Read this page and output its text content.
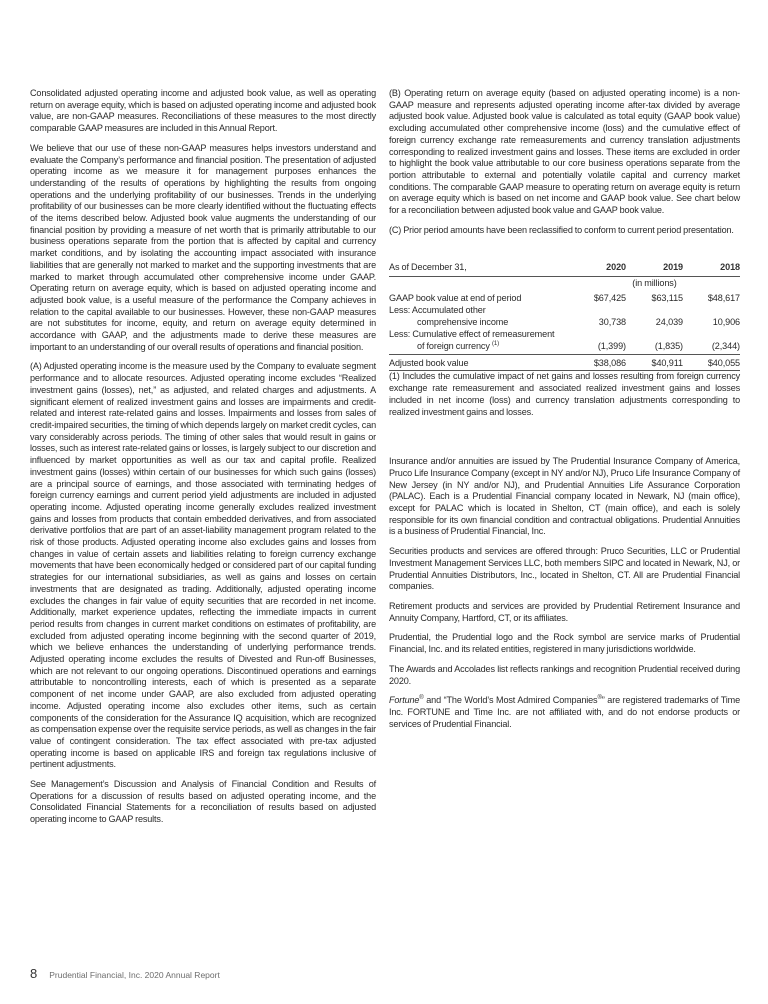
Consolidated adjusted operating income and adjusted book value, as well as operating return on average equity, which is based on adjusted operating income and adjusted book value, are non-GAAP measures. Reconciliations of these measures to the most directly comparable GAAP measures are included in this Annual Report.

We believe that our use of these non-GAAP measures helps investors understand and evaluate the Company’s performance and financial position. The presentation of adjusted operating income as we measure it for management purposes enhances the understanding of the results of operations by highlighting the results from ongoing operations and the underlying profitability of our businesses. Trends in the underlying profitability of our businesses can be more clearly identified without the fluctuating effects of the items described below. Adjusted book value augments the understanding of our financial position by providing a measure of net worth that is primarily attributable to our business operations separate from the portion that is affected by capital and currency market conditions, and by isolating the accounting impact associated with insurance liabilities that are generally not marked to market and the supporting investments that are marked to market through accumulated other comprehensive income under GAAP. Operating return on average equity, which is based on adjusted operating income and adjusted book value, is a useful measure of the performance the Company achieves in relation to the capital available to our businesses. However, these non-GAAP measures are not substitutes for income, equity, and return on average equity determined in accordance with GAAP, and the adjustments made to derive these measures are important to an understanding of our overall results of operations and financial position.

(A) Adjusted operating income is the measure used by the Company to evaluate segment performance and to allocate resources. Adjusted operating income excludes “Realized investment gains (losses), net,” as adjusted, and related charges and adjustments. A significant element of realized investment gains and losses are impairments and credit-related and interest rate-related gains and losses. Impairments and losses from sales of credit-impaired securities, the timing of which depends largely on market credit cycles, can vary considerably across periods. The timing of other sales that would result in gains or losses, such as interest rate-related gains or losses, is largely subject to our discretion and influenced by market opportunities as well as our tax and capital profile. Realized investment gains (losses) within certain of our businesses for which such gains (losses) are a principal source of earnings, and those associated with terminating hedges of foreign currency earnings and current period yield adjustments are included in adjusted operating income. Adjusted operating income generally excludes realized investment gains and losses from products that contain embedded derivatives, and from associated derivative portfolios that are part of an asset-liability management program related to the risk of those products. Adjusted operating income also excludes gains and losses from changes in value of certain assets and liabilities relating to foreign currency exchange movements that have been economically hedged or considered part of our capital funding strategies for our international subsidiaries, as well as gains and losses on certain investments that are designated as trading. Additionally, adjusted operating income excludes the changes in fair value of equity securities that are recorded in net income. Additionally, market experience updates, reflecting the immediate impacts in current period results from changes in current market conditions on estimates of profitability, are excluded from adjusted operating income beginning with the second quarter of 2019, which we believe enhances the understanding of underlying performance trends. Adjusted operating income excludes the results of Divested and Run-off Businesses, which are not relevant to our ongoing operations. Discontinued operations and earnings attributable to noncontrolling interests, each of which is presented as a separate component of net income under GAAP, are also excluded from adjusted operating income. Adjusted operating income also excludes other items, such as certain components of the consideration for the Assurance IQ acquisition, which are recognized as compensation expense over the requisite service periods, as well as changes in the fair value of contingent consideration. The tax effect associated with pre-tax adjusted operating income is based on applicable IRS and foreign tax regulations inclusive of pertinent adjustments.

See Management’s Discussion and Analysis of Financial Condition and Results of Operations for a discussion of results based on adjusted operating income, and the Consolidated Financial Statements for a reconciliation of results based on adjusted operating income to GAAP results.

(B) Operating return on average equity (based on adjusted operating income) is a non-GAAP measure and represents adjusted operating income after-tax divided by average adjusted book value. Adjusted book value is calculated as total equity (GAAP book value) excluding accumulated other comprehensive income (loss) and the cumulative effect of foreign currency exchange rate remeasurements and currency translation adjustments corresponding to realized investment gains and losses. These items are excluded in order to highlight the book value attributable to our core business operations separate from the portion attributable to external and potentially volatile capital and currency market conditions. The comparable GAAP measure to operating return on average equity is return on average equity which is based on net income and GAAP book value. See chart below for a reconciliation between adjusted book value and GAAP book value.

(C) Prior period amounts have been reclassified to conform to current period presentation.

As of December 31,	2020	2019	2018
(in millions)
GAAP book value at end of period	$67,425	$63,115	$48,617
Less: Accumulated other
comprehensive income	30,738	24,039	10,906
Less: Cumulative effect of remeasurement
of foreign currency $^{(1)}$	(1,399)	(1,835)	(2,344)
Adjusted book value	$38,086	$40,911	$40,055

(1) Includes the cumulative impact of net gains and losses resulting from foreign currency exchange rate remeasurement and associated realized investment gains and losses included in net income (loss) and currency translation adjustments corresponding to realized investment gains and losses.

Insurance and/or annuities are issued by The Prudential Insurance Company of America, Pruco Life Insurance Company (except in NY and/or NJ), Pruco Life Insurance Company of New Jersey (in NY and/or NJ), and Prudential Annuities Life Assurance Corporation (PALAC). Each is a Prudential Financial company located in Newark, NJ (main office), except for PALAC which is located in Shelton, CT (main office), and each is solely responsible for its own financial condition and contractual obligations. Prudential Annuities is a business of Prudential Financial, Inc.

Securities products and services are offered through: Pruco Securities, LLC or Prudential Investment Management Services LLC, both members SIPC and located in Newark, NJ, or Prudential Annuities Distributors, Inc., located in Shelton, CT. All are Prudential Financial companies.

Retirement products and services are provided by Prudential Retirement Insurance and Annuity Company, Hartford, CT, or its affiliates.

Prudential, the Prudential logo and the Rock symbol are service marks of Prudential Financial, Inc. and its related entities, registered in many jurisdictions worldwide.

The Awards and Accolades list reflects rankings and recognition Prudential received during 2020.

Fortune® and “The World’s Most Admired Companies®” are registered trademarks of Time Inc. FORTUNE and Time Inc. are not affiliated with, and do not endorse products or services of Prudential Financial.

8 Prudential Financial, Inc. 2020 Annual Report
